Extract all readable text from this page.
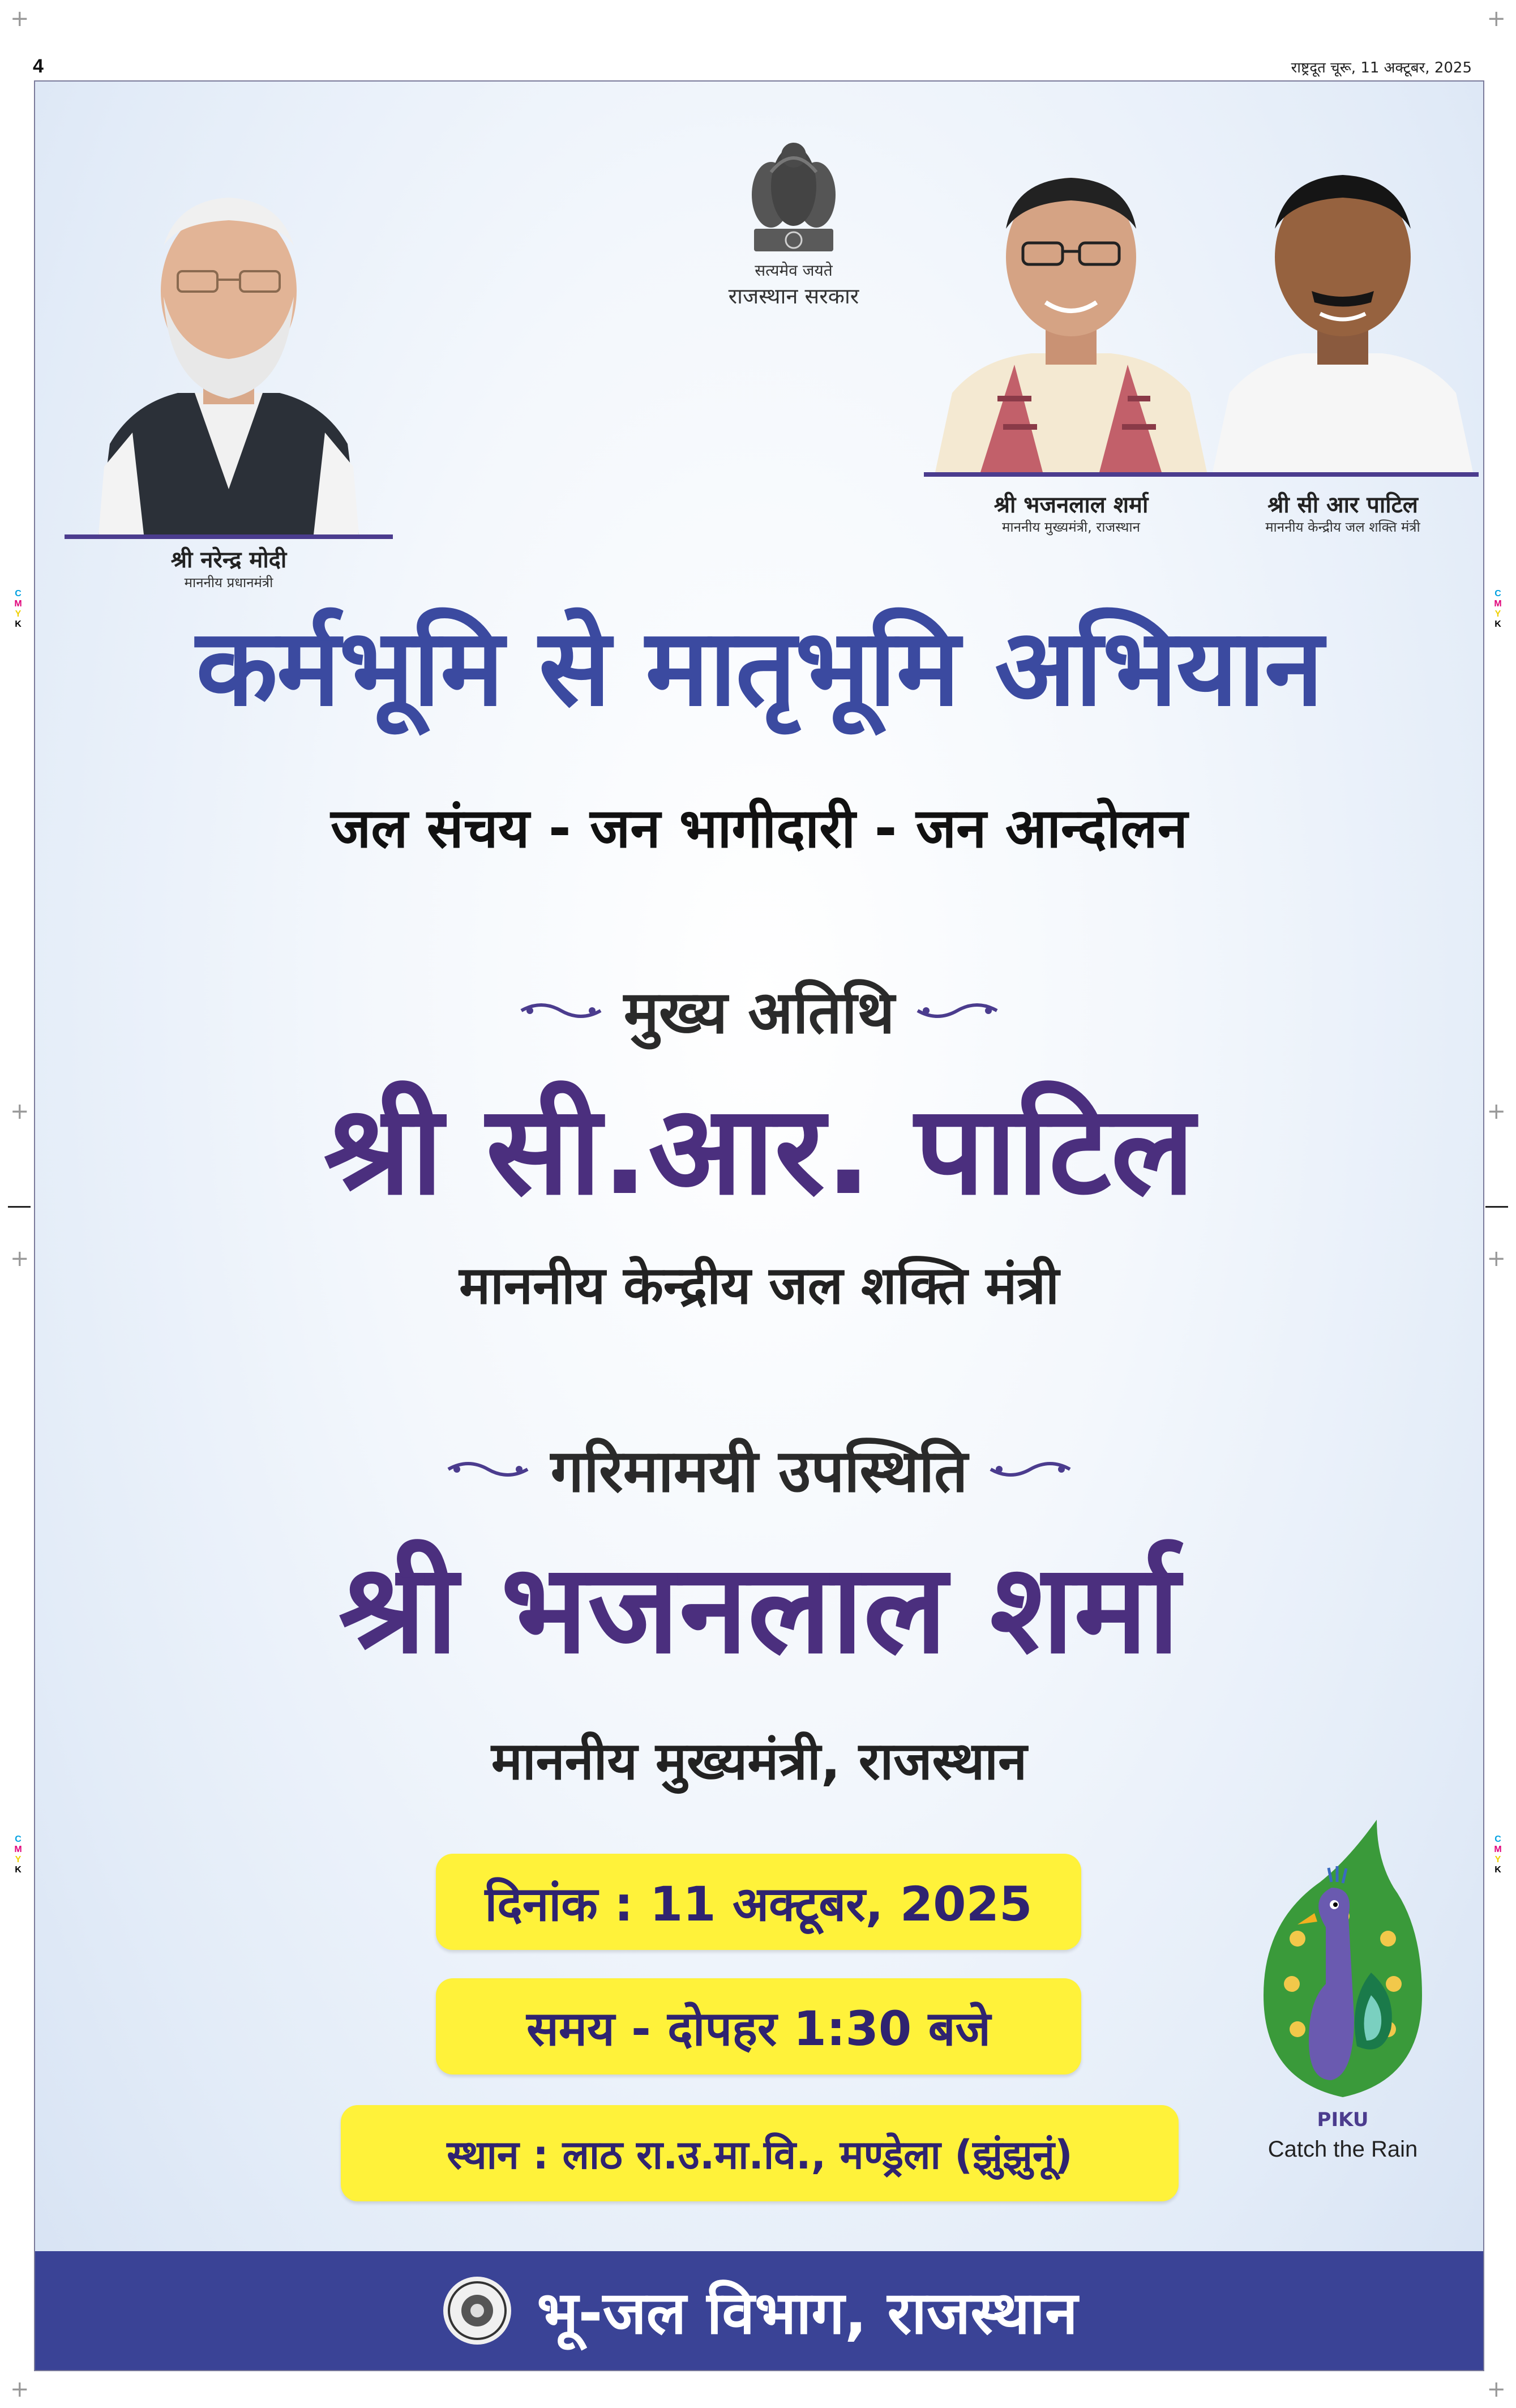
4	राष्ट्रदूत चूरू, 11 अक्टूबर, 2025
+	+
+	+
+	+
+	+
C
M
Y
K
C
M
Y
K
C
M
Y
K
C
M
Y
K
श्री नरेन्द्र मोदी
माननीय प्रधानमंत्री
सत्यमेव जयते
राजस्थान सरकार
श्री भजनलाल शर्मा
माननीय मुख्यमंत्री, राजस्थान
श्री सी आर पाटिल
माननीय केन्द्रीय जल शक्ति मंत्री
कर्मभूमि से मातृभूमि अभियान
जल संचय - जन भागीदारी - जन आन्दोलन
मुख्य अतिथि
श्री सी.आर. पाटिल
माननीय केन्द्रीय जल शक्ति मंत्री
गरिमामयी उपस्थिति
श्री भजनलाल शर्मा
माननीय मुख्यमंत्री, राजस्थान
दिनांक : 11 अक्टूबर, 2025
समय - दोपहर 1:30 बजे
स्थान : लाठ रा.उ.मा.वि., मण्ड्रेला (झुंझुनूं)
PIKU
Catch the Rain
भू-जल विभाग, राजस्थान
